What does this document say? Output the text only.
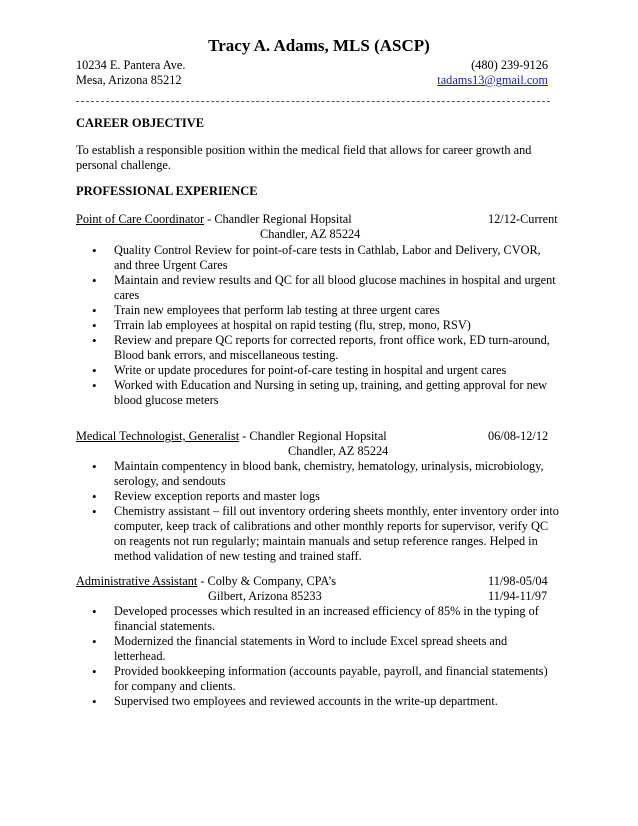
Tracy A. Adams, MLS (ASCP)
10234 E. Pantera Ave.	(480) 239-9126
Mesa, Arizona 85212	tadams13@gmail.com
CAREER OBJECTIVE
To establish a responsible position within the medical field that allows for career growth and personal challenge.
PROFESSIONAL EXPERIENCE
Point of Care Coordinator - Chandler Regional Hopsital	12/12-Current
Chandler, AZ 85224
• Quality Control Review for point-of-care tests in Cathlab, Labor and Delivery, CVOR, and three Urgent Cares
• Maintain and review results and QC for all blood glucose machines in hospital and urgent cares
• Train new employees that perform lab testing at three urgent cares
• Trrain lab employees at hospital on rapid testing (flu, strep, mono, RSV)
• Review and prepare QC reports for corrected reports, front office work, ED turn-around, Blood bank errors, and miscellaneous testing.
• Write or update procedures for point-of-care testing in hospital and urgent cares
• Worked with Education and Nursing in seting up, training, and getting approval for new blood glucose meters
Medical Technologist, Generalist - Chandler Regional Hopsital	06/08-12/12
Chandler, AZ 85224
• Maintain compentency in blood bank, chemistry, hematology, urinalysis, microbiology, serology, and sendouts
• Review exception reports and master logs
• Chemistry assistant – fill out inventory ordering sheets monthly, enter inventory order into computer, keep track of calibrations and other monthly reports for supervisor, verify QC on reagents not run regularly; maintain manuals and setup reference ranges. Helped in method validation of new testing and trained staff.
Administrative Assistant - Colby & Company, CPA’s	11/98-05/04
Gilbert, Arizona 85233	11/94-11/97
• Developed processes which resulted in an increased efficiency of 85% in the typing of financial statements.
• Modernized the financial statements in Word to include Excel spread sheets and letterhead.
• Provided bookkeeping information (accounts payable, payroll, and financial statements) for company and clients.
• Supervised two employees and reviewed accounts in the write-up department.
